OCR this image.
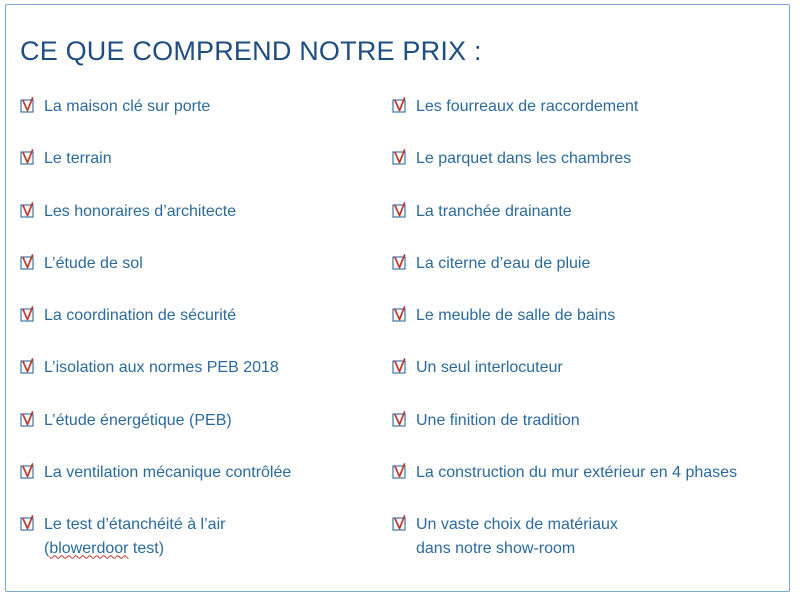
CE QUE COMPREND NOTRE PRIX :
La maison clé sur porte
Le terrain
Les honoraires d’architecte
L’étude de sol
La coordination de sécurité
L’isolation aux normes PEB 2018
L’étude énergétique (PEB)
La ventilation mécanique contrôlée
Le test d’étanchéité à l’air
(blowerdoor test)
Les fourreaux de raccordement
Le parquet dans les chambres
La tranchée drainante
La citerne d’eau de pluie
Le meuble de salle de bains
Un seul interlocuteur
Une finition de tradition
La construction du mur extérieur en 4 phases
Un vaste choix de matériaux
dans notre show-room
